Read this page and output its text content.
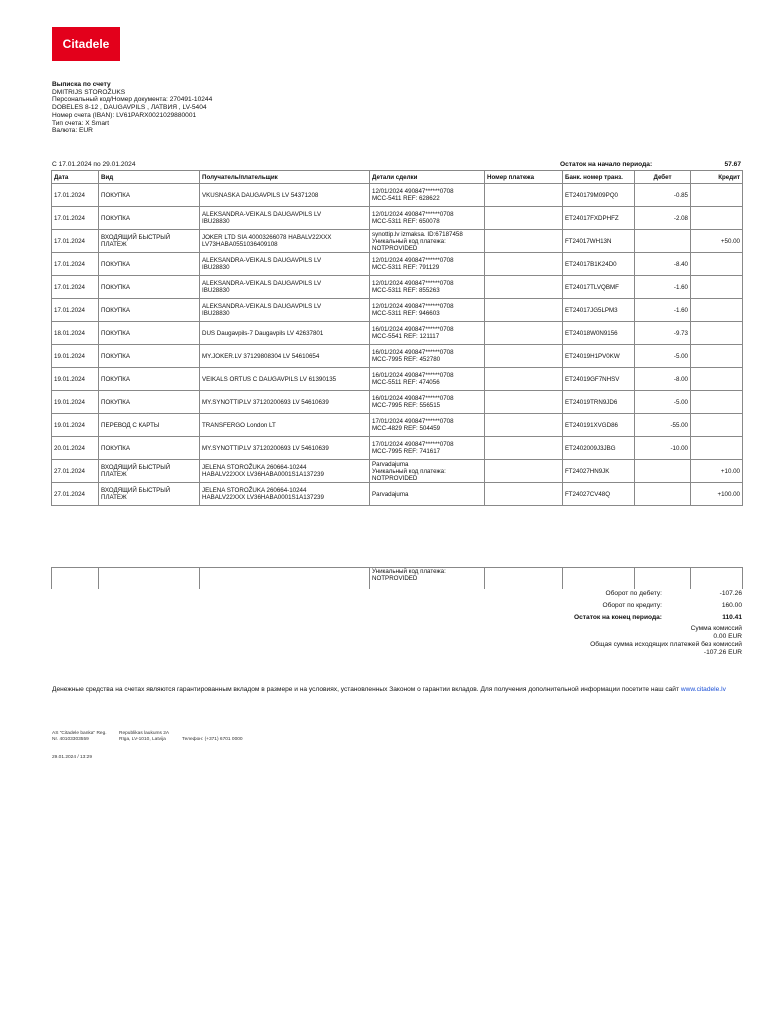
Citadele
Выписка по счету
DMITRIJS STOROŽUKS
Персональный код/Номер документа: 270491-10244
DOBELES 8-12 , DAUGAVPILS , ЛАТВИЯ , LV-5404
Номер счета (IBAN): LV61PARX0021029880001
Тип счета: X Smart
Валюта: EUR
С 17.01.2024 по 29.01.2024	Остаток на начало периода:	57.67
Дата	Вид	Получатель/плательщик	Детали сделки	Номер платежа	Банк. номер транз.	Дебет	Кредит
17.01.2024	ПОКУПКА	VKUSNASKA DAUGAVPILS LV 54371208	12/01/2024 490847******0708
MCC-5411 REF: 628622		ET240179M09PQ0	-0.85	
17.01.2024	ПОКУПКА	ALEKSANDRA-VEIKALS DAUGAVPILS LV
IBU28830	12/01/2024 490847******0708
MCC-5311 REF: 650078		ET24017FXDPHFZ	-2.08	
17.01.2024	ВХОДЯЩИЙ БЫСТРЫЙ
ПЛАТЕЖ	JOKER LTD SIA 40003266078 HABALV22XXX
LV73HABA0551036409108	synottip.lv izmaksa. ID:67187458
Уникальный код платежа:
NOTPROVIDED		FT24017WH13N		+50.00
17.01.2024	ПОКУПКА	ALEKSANDRA-VEIKALS DAUGAVPILS LV
IBU28830	12/01/2024 490847******0708
MCC-5311 REF: 791129		ET24017B1K24D0	-8.40	
17.01.2024	ПОКУПКА	ALEKSANDRA-VEIKALS DAUGAVPILS LV
IBU28830	12/01/2024 490847******0708
MCC-5311 REF: 855263		ET24017TLVQBMF	-1.60	
17.01.2024	ПОКУПКА	ALEKSANDRA-VEIKALS DAUGAVPILS LV
IBU28830	12/01/2024 490847******0708
MCC-5311 REF: 946603		ET24017JG5LPM3	-1.60	
18.01.2024	ПОКУПКА	DUS Daugavpils-7 Daugavpils LV 42637801	16/01/2024 490847******0708
MCC-5541 REF: 121117		ET24018W0N9156	-9.73	
19.01.2024	ПОКУПКА	MY.JOKER.LV 37129808304 LV 54610654	16/01/2024 490847******0708
MCC-7995 REF: 452780		ET24019H1PV0KW	-5.00	
19.01.2024	ПОКУПКА	VEIKALS ORTUS C DAUGAVPILS LV 61390135	16/01/2024 490847******0708
MCC-5511 REF: 474056		ET24019GF7NHSV	-8.00	
19.01.2024	ПОКУПКА	MY.SYNOTTIP.LV 37120200693 LV 54610639	16/01/2024 490847******0708
MCC-7995 REF: 556515		ET24019TRN9JD6	-5.00	
19.01.2024	ПЕРЕВОД С КАРТЫ	TRANSFERGO London LT	17/01/2024 490847******0708
MCC-4829 REF: 504459		ET240191XVGD86	-55.00	
20.01.2024	ПОКУПКА	MY.SYNOTTIP.LV 37120200693 LV 54610639	17/01/2024 490847******0708
MCC-7995 REF: 741617		ET2402009J3JBG	-10.00	
27.01.2024	ВХОДЯЩИЙ БЫСТРЫЙ
ПЛАТЕЖ	JELENA STOROŽUKA 260664-10244
HABALV22XXX LV36HABA0001S1A137239	Parvadajuma
Уникальный код платежа:
NOTPROVIDED		FT24027HN9JK		+10.00
27.01.2024	ВХОДЯЩИЙ БЫСТРЫЙ
ПЛАТЕЖ	JELENA STOROŽUKA 260664-10244
HABALV22XXX LV36HABA0001S1A137239	Parvadajuma		FT24027CV48Q		+100.00
			Уникальный код платежа:
NOTPROVIDED				
Оборот по дебету:	-107.26
Оборот по кредиту:	160.00
Остаток на конец периода:	110.41
Сумма комиссий
0.00 EUR
Общая сумма исходящих платежей без комиссий
-107.26 EUR
Денежные средства на счетах являются гарантированным вкладом в размере и на условиях, установленных Законом о гарантии вкладов. Для получения дополнительной информации посетите наш сайт www.citadele.lv
AS "Citadele banka" Reg.
Nr. 40103303559
Republikas laukums 2A
Rīga, LV-1010, Latvija	Телефон: (+371) 6701 0000
29.01.2024 / 13:29
